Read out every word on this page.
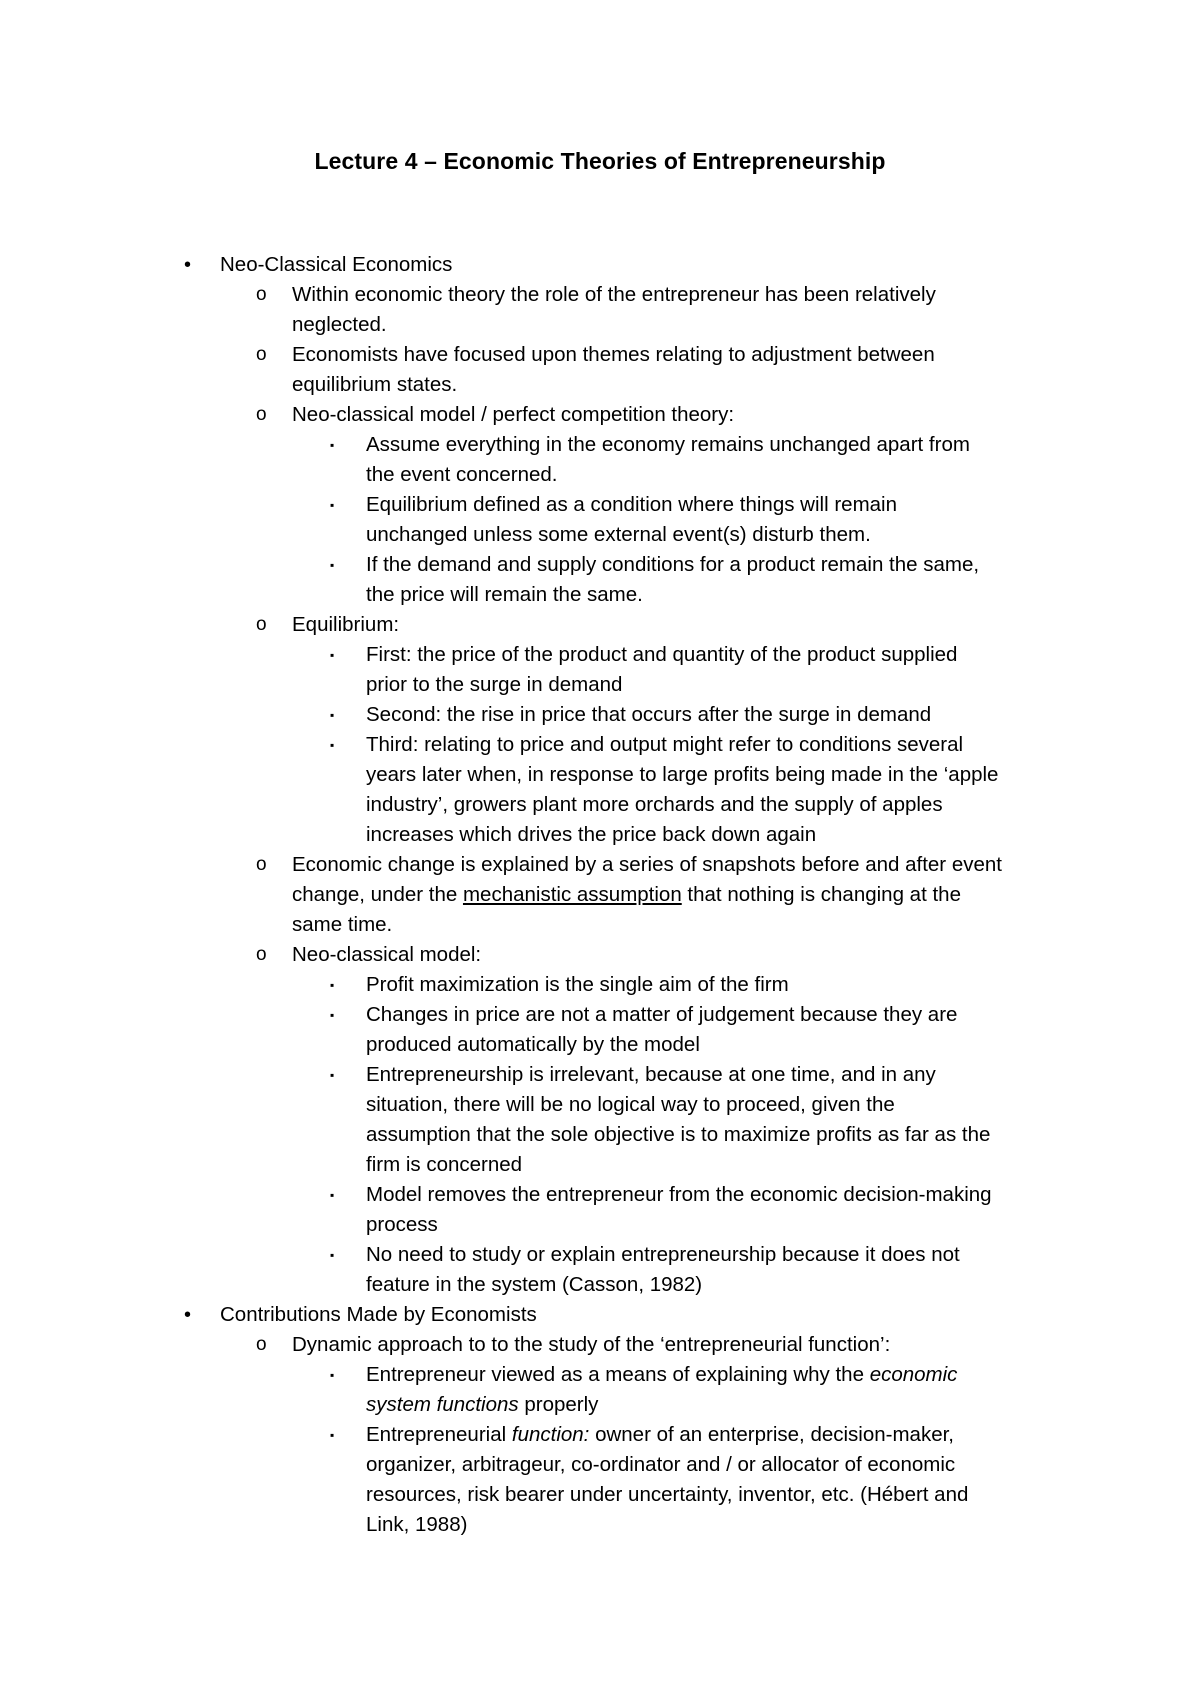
Lecture 4 – Economic Theories of Entrepreneurship
• Neo-Classical Economics
o Within economic theory the role of the entrepreneur has been relatively
neglected.
o Economists have focused upon themes relating to adjustment between
equilibrium states.
o Neo-classical model / perfect competition theory:
▪ Assume everything in the economy remains unchanged apart from
the event concerned.
▪ Equilibrium defined as a condition where things will remain
unchanged unless some external event(s) disturb them.
▪ If the demand and supply conditions for a product remain the same,
the price will remain the same.
o Equilibrium:
▪ First: the price of the product and quantity of the product supplied
prior to the surge in demand
▪ Second: the rise in price that occurs after the surge in demand
▪ Third: relating to price and output might refer to conditions several
years later when, in response to large profits being made in the ‘apple
industry’, growers plant more orchards and the supply of apples
increases which drives the price back down again
o Economic change is explained by a series of snapshots before and after event
change, under the mechanistic assumption that nothing is changing at the
same time.
o Neo-classical model:
▪ Profit maximization is the single aim of the firm
▪ Changes in price are not a matter of judgement because they are
produced automatically by the model
▪ Entrepreneurship is irrelevant, because at one time, and in any
situation, there will be no logical way to proceed, given the
assumption that the sole objective is to maximize profits as far as the
firm is concerned
▪ Model removes the entrepreneur from the economic decision-making
process
▪ No need to study or explain entrepreneurship because it does not
feature in the system (Casson, 1982)
• Contributions Made by Economists
o Dynamic approach to to the study of the ‘entrepreneurial function’:
▪ Entrepreneur viewed as a means of explaining why the economic
system functions properly
▪ Entrepreneurial function: owner of an enterprise, decision-maker,
organizer, arbitrageur, co-ordinator and / or allocator of economic
resources, risk bearer under uncertainty, inventor, etc. (Hébert and
Link, 1988)
